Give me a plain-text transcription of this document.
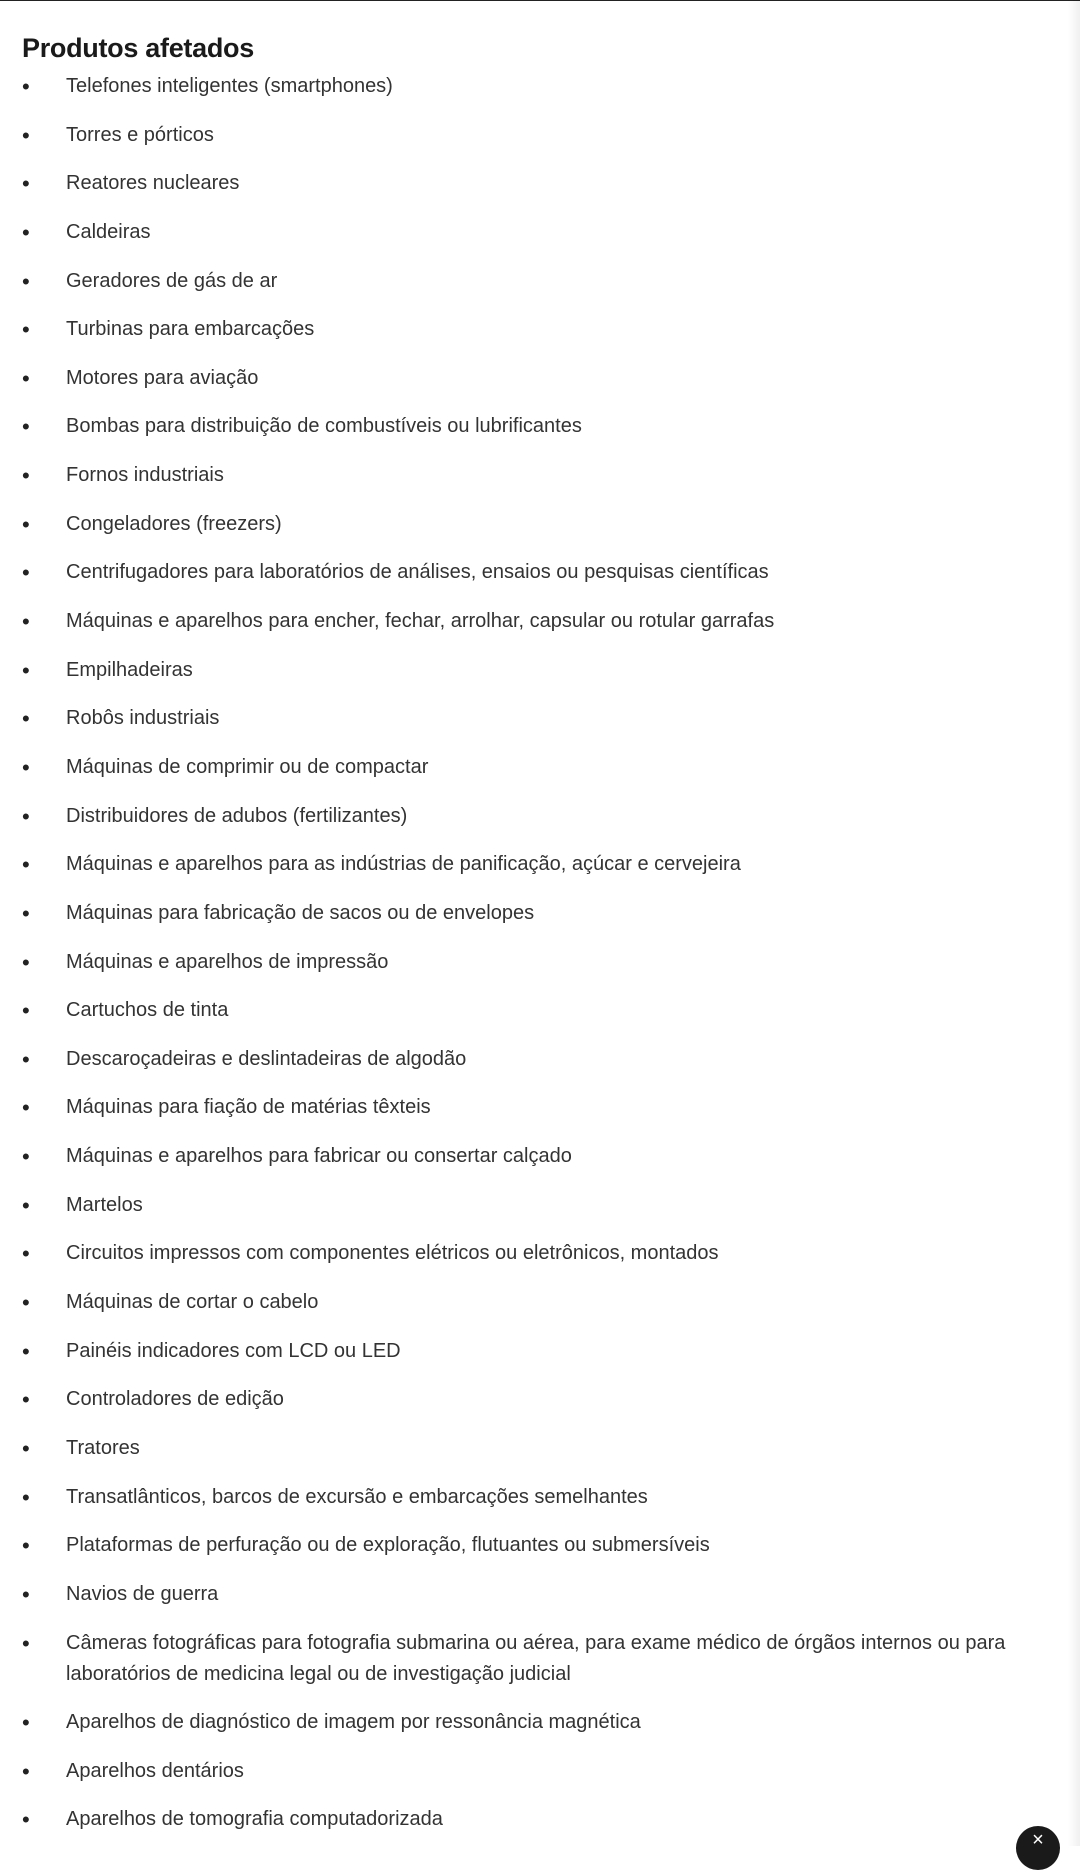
Produtos afetados
• Telefones inteligentes (smartphones)
• Torres e pórticos
• Reatores nucleares
• Caldeiras
• Geradores de gás de ar
• Turbinas para embarcações
• Motores para aviação
• Bombas para distribuição de combustíveis ou lubrificantes
• Fornos industriais
• Congeladores (freezers)
• Centrifugadores para laboratórios de análises, ensaios ou pesquisas científicas
• Máquinas e aparelhos para encher, fechar, arrolhar, capsular ou rotular garrafas
• Empilhadeiras
• Robôs industriais
• Máquinas de comprimir ou de compactar
• Distribuidores de adubos (fertilizantes)
• Máquinas e aparelhos para as indústrias de panificação, açúcar e cervejeira
• Máquinas para fabricação de sacos ou de envelopes
• Máquinas e aparelhos de impressão
• Cartuchos de tinta
• Descaroçadeiras e deslintadeiras de algodão
• Máquinas para fiação de matérias têxteis
• Máquinas e aparelhos para fabricar ou consertar calçado
• Martelos
• Circuitos impressos com componentes elétricos ou eletrônicos, montados
• Máquinas de cortar o cabelo
• Painéis indicadores com LCD ou LED
• Controladores de edição
• Tratores
• Transatlânticos, barcos de excursão e embarcações semelhantes
• Plataformas de perfuração ou de exploração, flutuantes ou submersíveis
• Navios de guerra
• Câmeras fotográficas para fotografia submarina ou aérea, para exame médico de órgãos internos ou para laboratórios de medicina legal ou de investigação judicial
• Aparelhos de diagnóstico de imagem por ressonância magnética
• Aparelhos dentários
• Aparelhos de tomografia computadorizada
×
